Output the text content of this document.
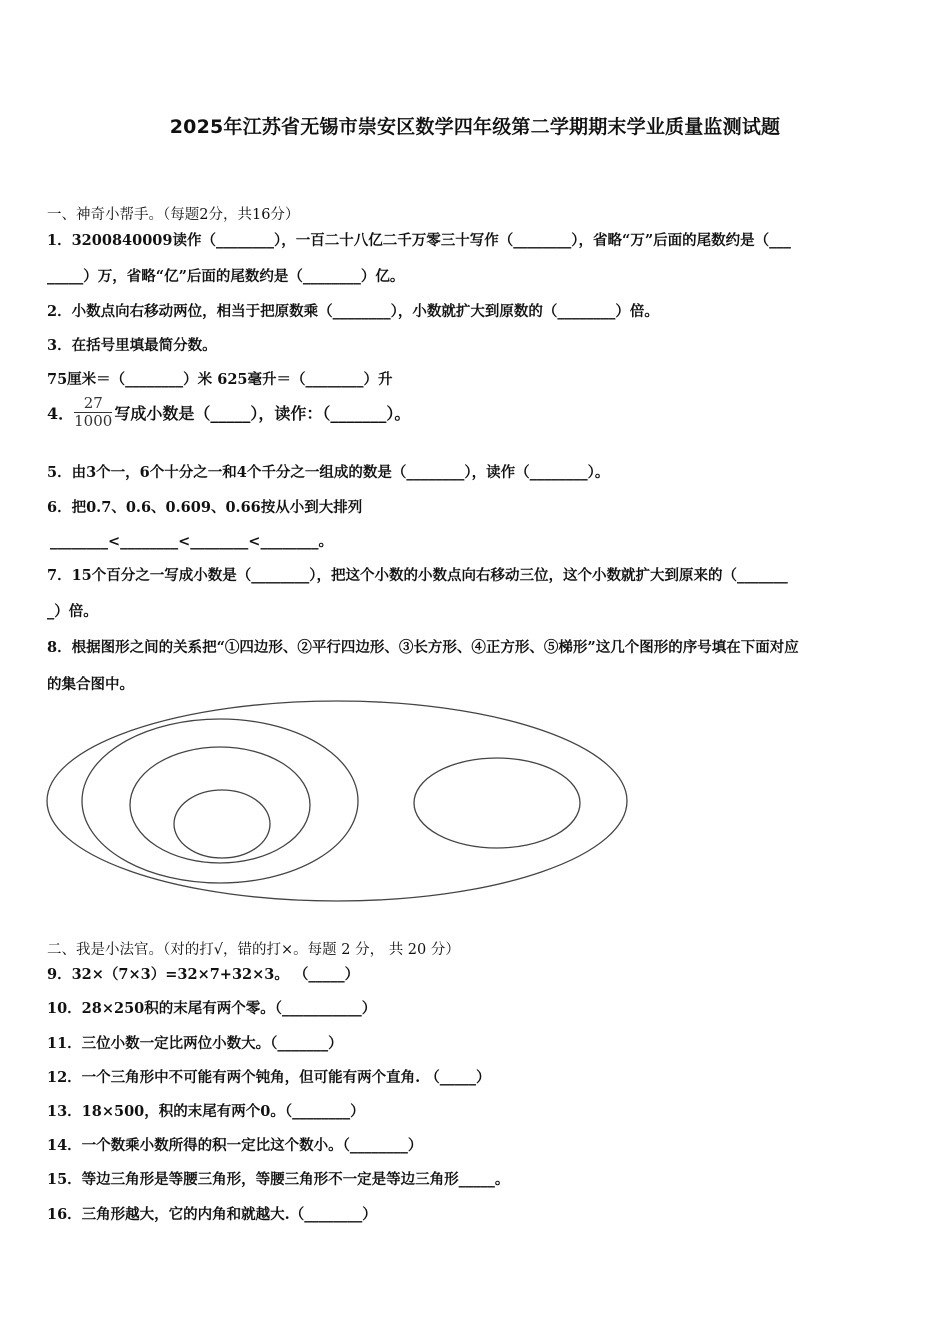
2025年江苏省无锡市崇安区数学四年级第二学期期末学业质量监测试题
一、神奇小帮手。（每题2分，共16分）
1．3200840009读作（________），一百二十八亿二千万零三十写作（________），省略“万”后面的尾数约是（___
_____）万，省略“亿”后面的尾数约是（________）亿。
2．小数点向右移动两位，相当于把原数乘（________），小数就扩大到原数的（________）倍。
3．在括号里填最简分数。
75厘米＝（________）米 625毫升＝（________）升
4． $\frac{27}{1000}$ 写成小数是（_____），读作：（_______）。
5．由3个一，6个十分之一和4个千分之一组成的数是（________），读作（________）。
6．把0.7、0.6、0.609、0.66按从小到大排列
________<________<________<________。
7．15个百分之一写成小数是（________），把这个小数的小数点向右移动三位，这个小数就扩大到原来的（_______
_）倍。
8．根据图形之间的关系把“①四边形、②平行四边形、③长方形、④正方形、⑤梯形”这几个图形的序号填在下面对应
的集合图中。
二、我是小法官。（对的打√，错的打×。每题 2 分， 共 20 分）
9．32×（7×3）=32×7+32×3。 （_____）
10．28×250积的末尾有两个零。（___________）
11．三位小数一定比两位小数大。（_______）
12．一个三角形中不可能有两个钝角，但可能有两个直角. （_____）
13．18×500，积的末尾有两个0。（________）
14．一个数乘小数所得的积一定比这个数小。（________）
15．等边三角形是等腰三角形，等腰三角形不一定是等边三角形_____。
16．三角形越大，它的内角和就越大.（________）
